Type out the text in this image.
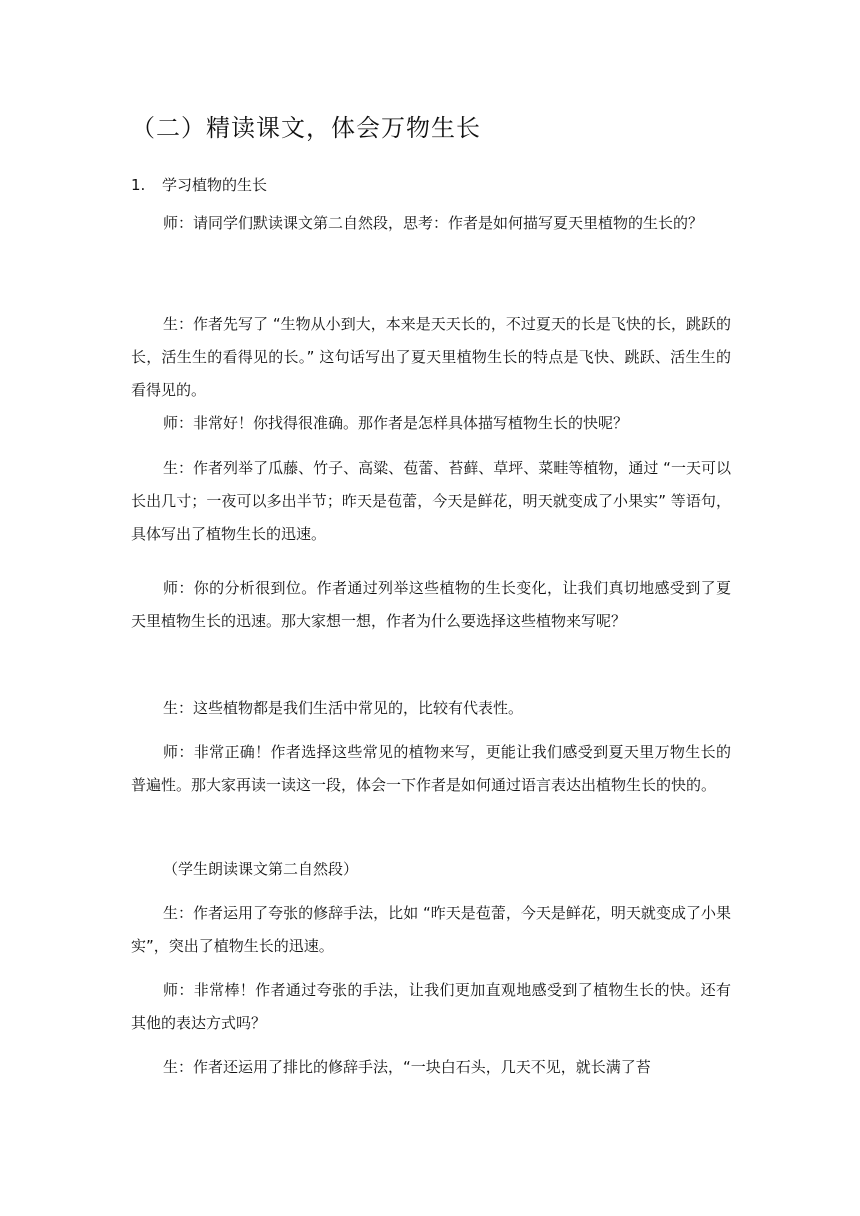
（二）精读课文，体会万物生长
1. 学习植物的生长

师：请同学们默读课文第二自然段，思考：作者是如何描写夏天里植物的生长的？

生：作者先写了 “生物从小到大，本来是天天长的，不过夏天的长是飞快的长，跳跃的长，活生生的看得见的长。” 这句话写出了夏天里植物生长的特点是飞快、跳跃、活生生的看得见的。

师：非常好！你找得很准确。那作者是怎样具体描写植物生长的快呢？

生：作者列举了瓜藤、竹子、高粱、苞蕾、苔藓、草坪、菜畦等植物，通过 “一天可以长出几寸；一夜可以多出半节；昨天是苞蕾，今天是鲜花，明天就变成了小果实” 等语句，具体写出了植物生长的迅速。

师：你的分析很到位。作者通过列举这些植物的生长变化，让我们真切地感受到了夏天里植物生长的迅速。那大家想一想，作者为什么要选择这些植物来写呢？

生：这些植物都是我们生活中常见的，比较有代表性。

师：非常正确！作者选择这些常见的植物来写，更能让我们感受到夏天里万物生长的普遍性。那大家再读一读这一段，体会一下作者是如何通过语言表达出植物生长的快的。

（学生朗读课文第二自然段）

生：作者运用了夸张的修辞手法，比如 “昨天是苞蕾，今天是鲜花，明天就变成了小果实”，突出了植物生长的迅速。

师：非常棒！作者通过夸张的手法，让我们更加直观地感受到了植物生长的快。还有其他的表达方式吗？

生：作者还运用了排比的修辞手法，“一块白石头，几天不见，就长满了苔
